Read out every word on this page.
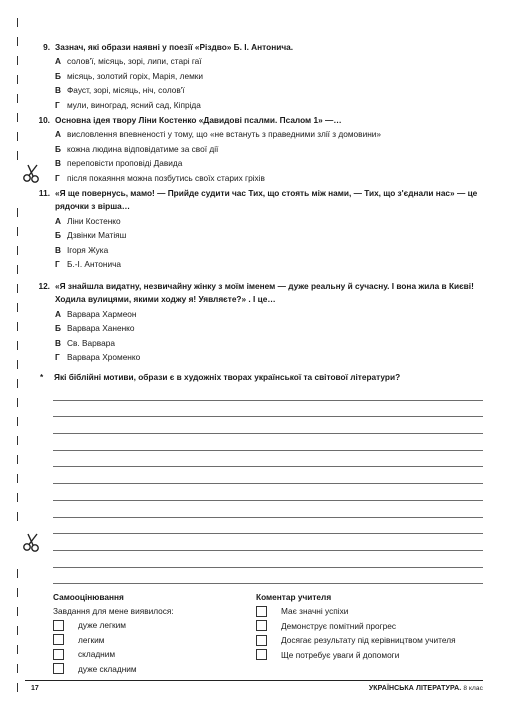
9. Зазнач, які образи наявні у поезії «Різдво» Б. І. Антонича.
А солов'ї, місяць, зорі, липи, старі гаї
Б місяць, золотий горіх, Марія, лемки
В Фауст, зорі, місяць, ніч, солов'ї
Г мули, виноград, ясний сад, Кіпріда
10. Основна ідея твору Ліни Костенко «Давидові псалми. Псалом 1» —…
А висловлення впевненості у тому, що «не встануть з праведними злії з домовини»
Б кожна людина відповідатиме за свої дії
В переповісти проповіді Давида
Г після покаяння можна позбутись своїх старих гріхів
11. «Я ще повернусь, мамо! — Прийде судити час Тих, що стоять між нами, — Тих, що з'єднали нас» — це рядочки з вірша…
А Ліни Костенко
Б Дзвінки Матіяш
В Ігоря Жука
Г Б.-І. Антонича
12. «Я знайшла видатну, незвичайну жінку з моїм іменем — дуже реальну й сучасну. І вона жила в Києві! Ходила вулицями, якими ходжу я! Уявляєте?» . І це…
А Варвара Хармеон
Б Варвара Ханенко
В Св. Варвара
Г Варвара Хроменко
* Які біблійні мотиви, образи є в художніх творах української та світової літератури?
Самооцінювання
Завдання для мене виявилося:
дуже легким
легким
складним
дуже складним
Коментар учителя
Має значні успіхи
Демонструє помітний прогрес
Досягає результату під керівництвом учителя
Ще потребує уваги й допомоги
17	УКРАЇНСЬКА ЛІТЕРАТУРА. 8 клас
